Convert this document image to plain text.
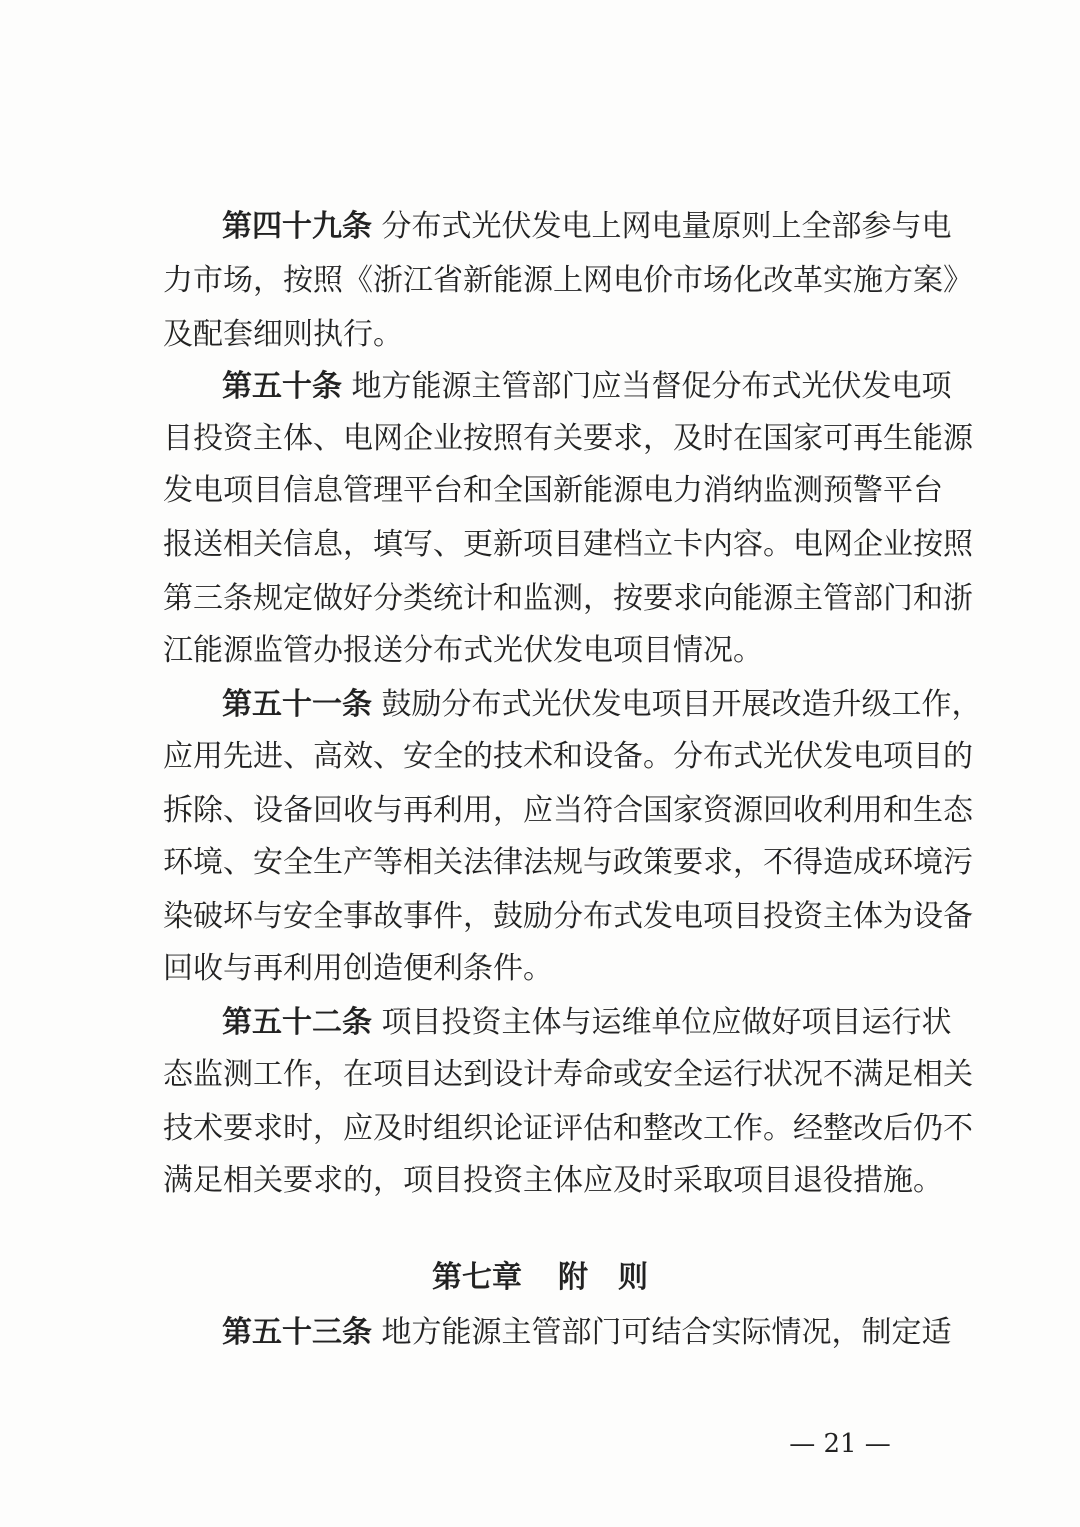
第四十九条 分布式光伏发电上网电量原则上全部参与电
力市场，按照《浙江省新能源上网电价市场化改革实施方案》
及配套细则执行。
第五十条 地方能源主管部门应当督促分布式光伏发电项
目投资主体、电网企业按照有关要求，及时在国家可再生能源
发电项目信息管理平台和全国新能源电力消纳监测预警平台
报送相关信息，填写、更新项目建档立卡内容。电网企业按照
第三条规定做好分类统计和监测，按要求向能源主管部门和浙
江能源监管办报送分布式光伏发电项目情况。
第五十一条 鼓励分布式光伏发电项目开展改造升级工作，
应用先进、高效、安全的技术和设备。分布式光伏发电项目的
拆除、设备回收与再利用，应当符合国家资源回收利用和生态
环境、安全生产等相关法律法规与政策要求，不得造成环境污
染破坏与安全事故事件，鼓励分布式发电项目投资主体为设备
回收与再利用创造便利条件。
第五十二条 项目投资主体与运维单位应做好项目运行状
态监测工作，在项目达到设计寿命或安全运行状况不满足相关
技术要求时，应及时组织论证评估和整改工作。经整改后仍不
满足相关要求的，项目投资主体应及时采取项目退役措施。
第七章 附　则
第五十三条 地方能源主管部门可结合实际情况，制定适
— 21 —
